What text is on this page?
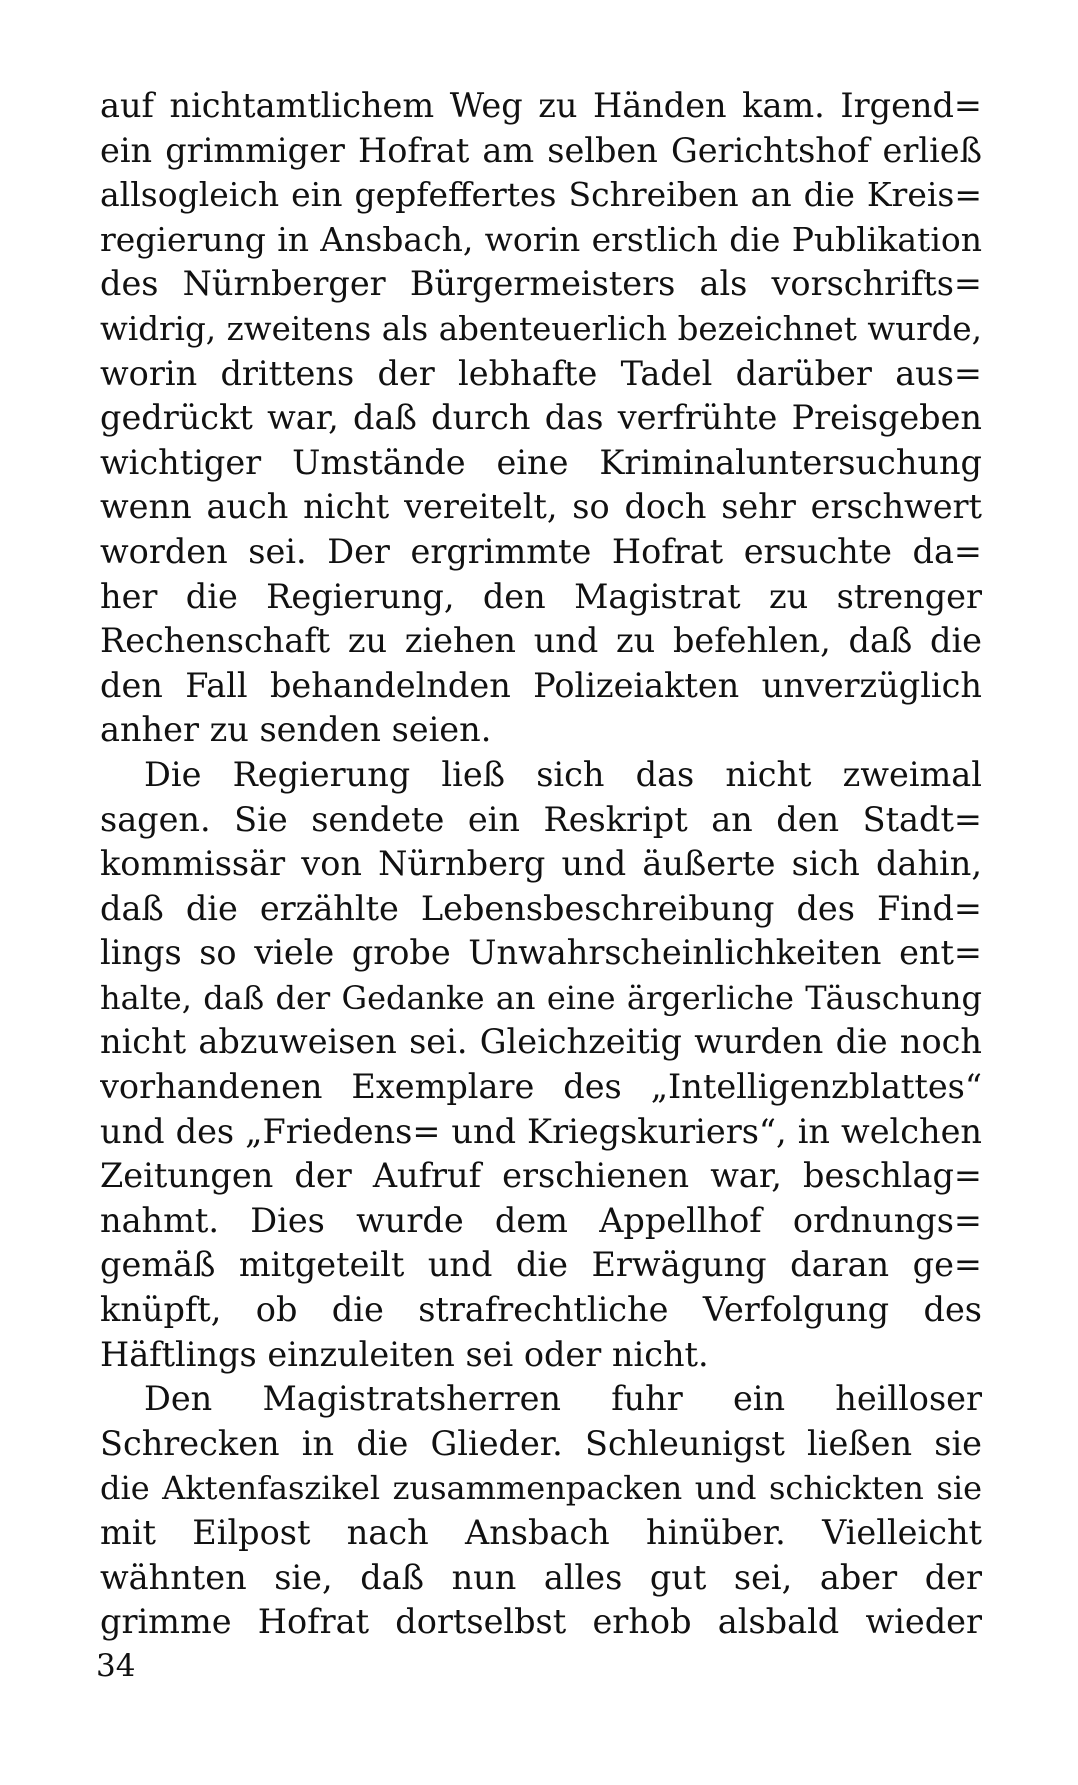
auf nichtamtlichem Weg zu Händen kam. Irgend=
ein grimmiger Hofrat am selben Gerichtshof erließ
allsogleich ein gepfeffertes Schreiben an die Kreis=
regierung in Ansbach, worin erstlich die Publikation
des Nürnberger Bürgermeisters als vorschrifts=
widrig, zweitens als abenteuerlich bezeichnet wurde,
worin drittens der lebhafte Tadel darüber aus=
gedrückt war, daß durch das verfrühte Preisgeben
wichtiger Umstände eine Kriminaluntersuchung
wenn auch nicht vereitelt, so doch sehr erschwert
worden sei. Der ergrimmte Hofrat ersuchte da=
her die Regierung, den Magistrat zu strenger
Rechenschaft zu ziehen und zu befehlen, daß die
den Fall behandelnden Polizeiakten unverzüglich
anher zu senden seien.

Die Regierung ließ sich das nicht zweimal
sagen. Sie sendete ein Reskript an den Stadt=
kommissär von Nürnberg und äußerte sich dahin,
daß die erzählte Lebensbeschreibung des Find=
lings so viele grobe Unwahrscheinlichkeiten ent=
halte, daß der Gedanke an eine ärgerliche Täuschung
nicht abzuweisen sei. Gleichzeitig wurden die noch
vorhandenen Exemplare des „Intelligenzblattes“
und des „Friedens= und Kriegskuriers“, in welchen
Zeitungen der Aufruf erschienen war, beschlag=
nahmt. Dies wurde dem Appellhof ordnungs=
gemäß mitgeteilt und die Erwägung daran ge=
knüpft, ob die strafrechtliche Verfolgung des
Häftlings einzuleiten sei oder nicht.

Den Magistratsherren fuhr ein heilloser
Schrecken in die Glieder. Schleunigst ließen sie
die Aktenfaszikel zusammenpacken und schickten sie
mit Eilpost nach Ansbach hinüber. Vielleicht
wähnten sie, daß nun alles gut sei, aber der
grimme Hofrat dortselbst erhob alsbald wieder

34
